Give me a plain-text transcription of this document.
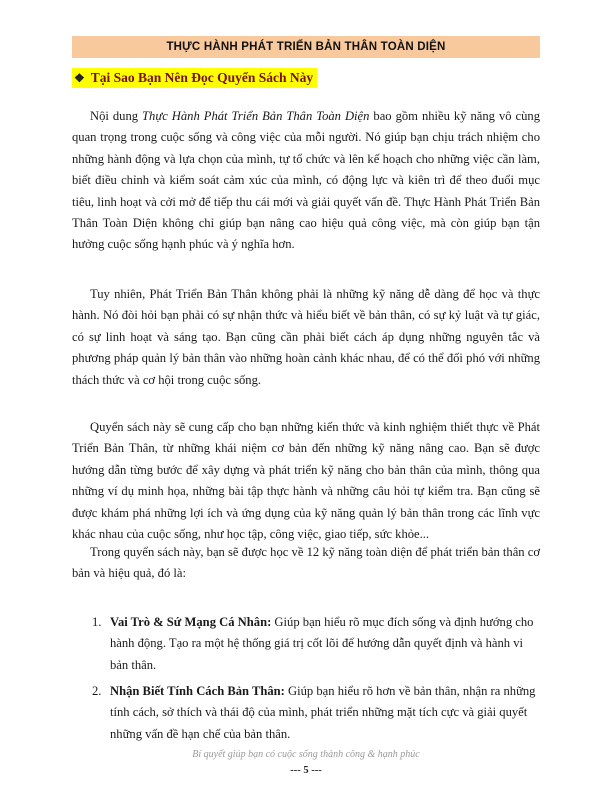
THỰC HÀNH PHÁT TRIỂN BẢN THÂN TOÀN DIỆN
❖ Tại Sao Bạn Nên Đọc Quyển Sách Này

Nội dung Thực Hành Phát Triển Bản Thân Toàn Diện bao gồm nhiều kỹ năng vô cùng quan trọng trong cuộc sống và công việc của mỗi người. Nó giúp bạn chịu trách nhiệm cho những hành động và lựa chọn của mình, tự tổ chức và lên kế hoạch cho những việc cần làm, biết điều chỉnh và kiểm soát cảm xúc của mình, có động lực và kiên trì để theo đuổi mục tiêu, linh hoạt và cởi mở để tiếp thu cái mới và giải quyết vấn đề. Thực Hành Phát Triển Bản Thân Toàn Diện không chỉ giúp bạn nâng cao hiệu quả công việc, mà còn giúp bạn tận hưởng cuộc sống hạnh phúc và ý nghĩa hơn.

Tuy nhiên, Phát Triển Bản Thân không phải là những kỹ năng dễ dàng để học và thực hành. Nó đòi hỏi bạn phải có sự nhận thức và hiểu biết về bản thân, có sự kỷ luật và tự giác, có sự linh hoạt và sáng tạo. Bạn cũng cần phải biết cách áp dụng những nguyên tắc và phương pháp quản lý bản thân vào những hoàn cảnh khác nhau, để có thể đối phó với những thách thức và cơ hội trong cuộc sống.

Quyển sách này sẽ cung cấp cho bạn những kiến thức và kinh nghiệm thiết thực về Phát Triển Bản Thân, từ những khái niệm cơ bản đến những kỹ năng nâng cao. Bạn sẽ được hướng dẫn từng bước để xây dựng và phát triển kỹ năng cho bản thân của mình, thông qua những ví dụ minh họa, những bài tập thực hành và những câu hỏi tự kiểm tra. Bạn cũng sẽ được khám phá những lợi ích và ứng dụng của kỹ năng quản lý bản thân trong các lĩnh vực khác nhau của cuộc sống, như học tập, công việc, giao tiếp, sức khỏe...

Trong quyển sách này, bạn sẽ được học về 12 kỹ năng toàn diện để phát triển bản thân cơ bản và hiệu quả, đó là:

1. Vai Trò & Sứ Mạng Cá Nhân: Giúp bạn hiểu rõ mục đích sống và định hướng cho hành động. Tạo ra một hệ thống giá trị cốt lõi để hướng dẫn quyết định và hành vi bản thân.
2. Nhận Biết Tính Cách Bản Thân: Giúp bạn hiểu rõ hơn về bản thân, nhận ra những tính cách, sở thích và thái độ của mình, phát triển những mặt tích cực và giải quyết những vấn đề hạn chế của bản thân.
Bí quyết giúp bạn có cuộc sống thành công & hạnh phúc
--- 5 ---
